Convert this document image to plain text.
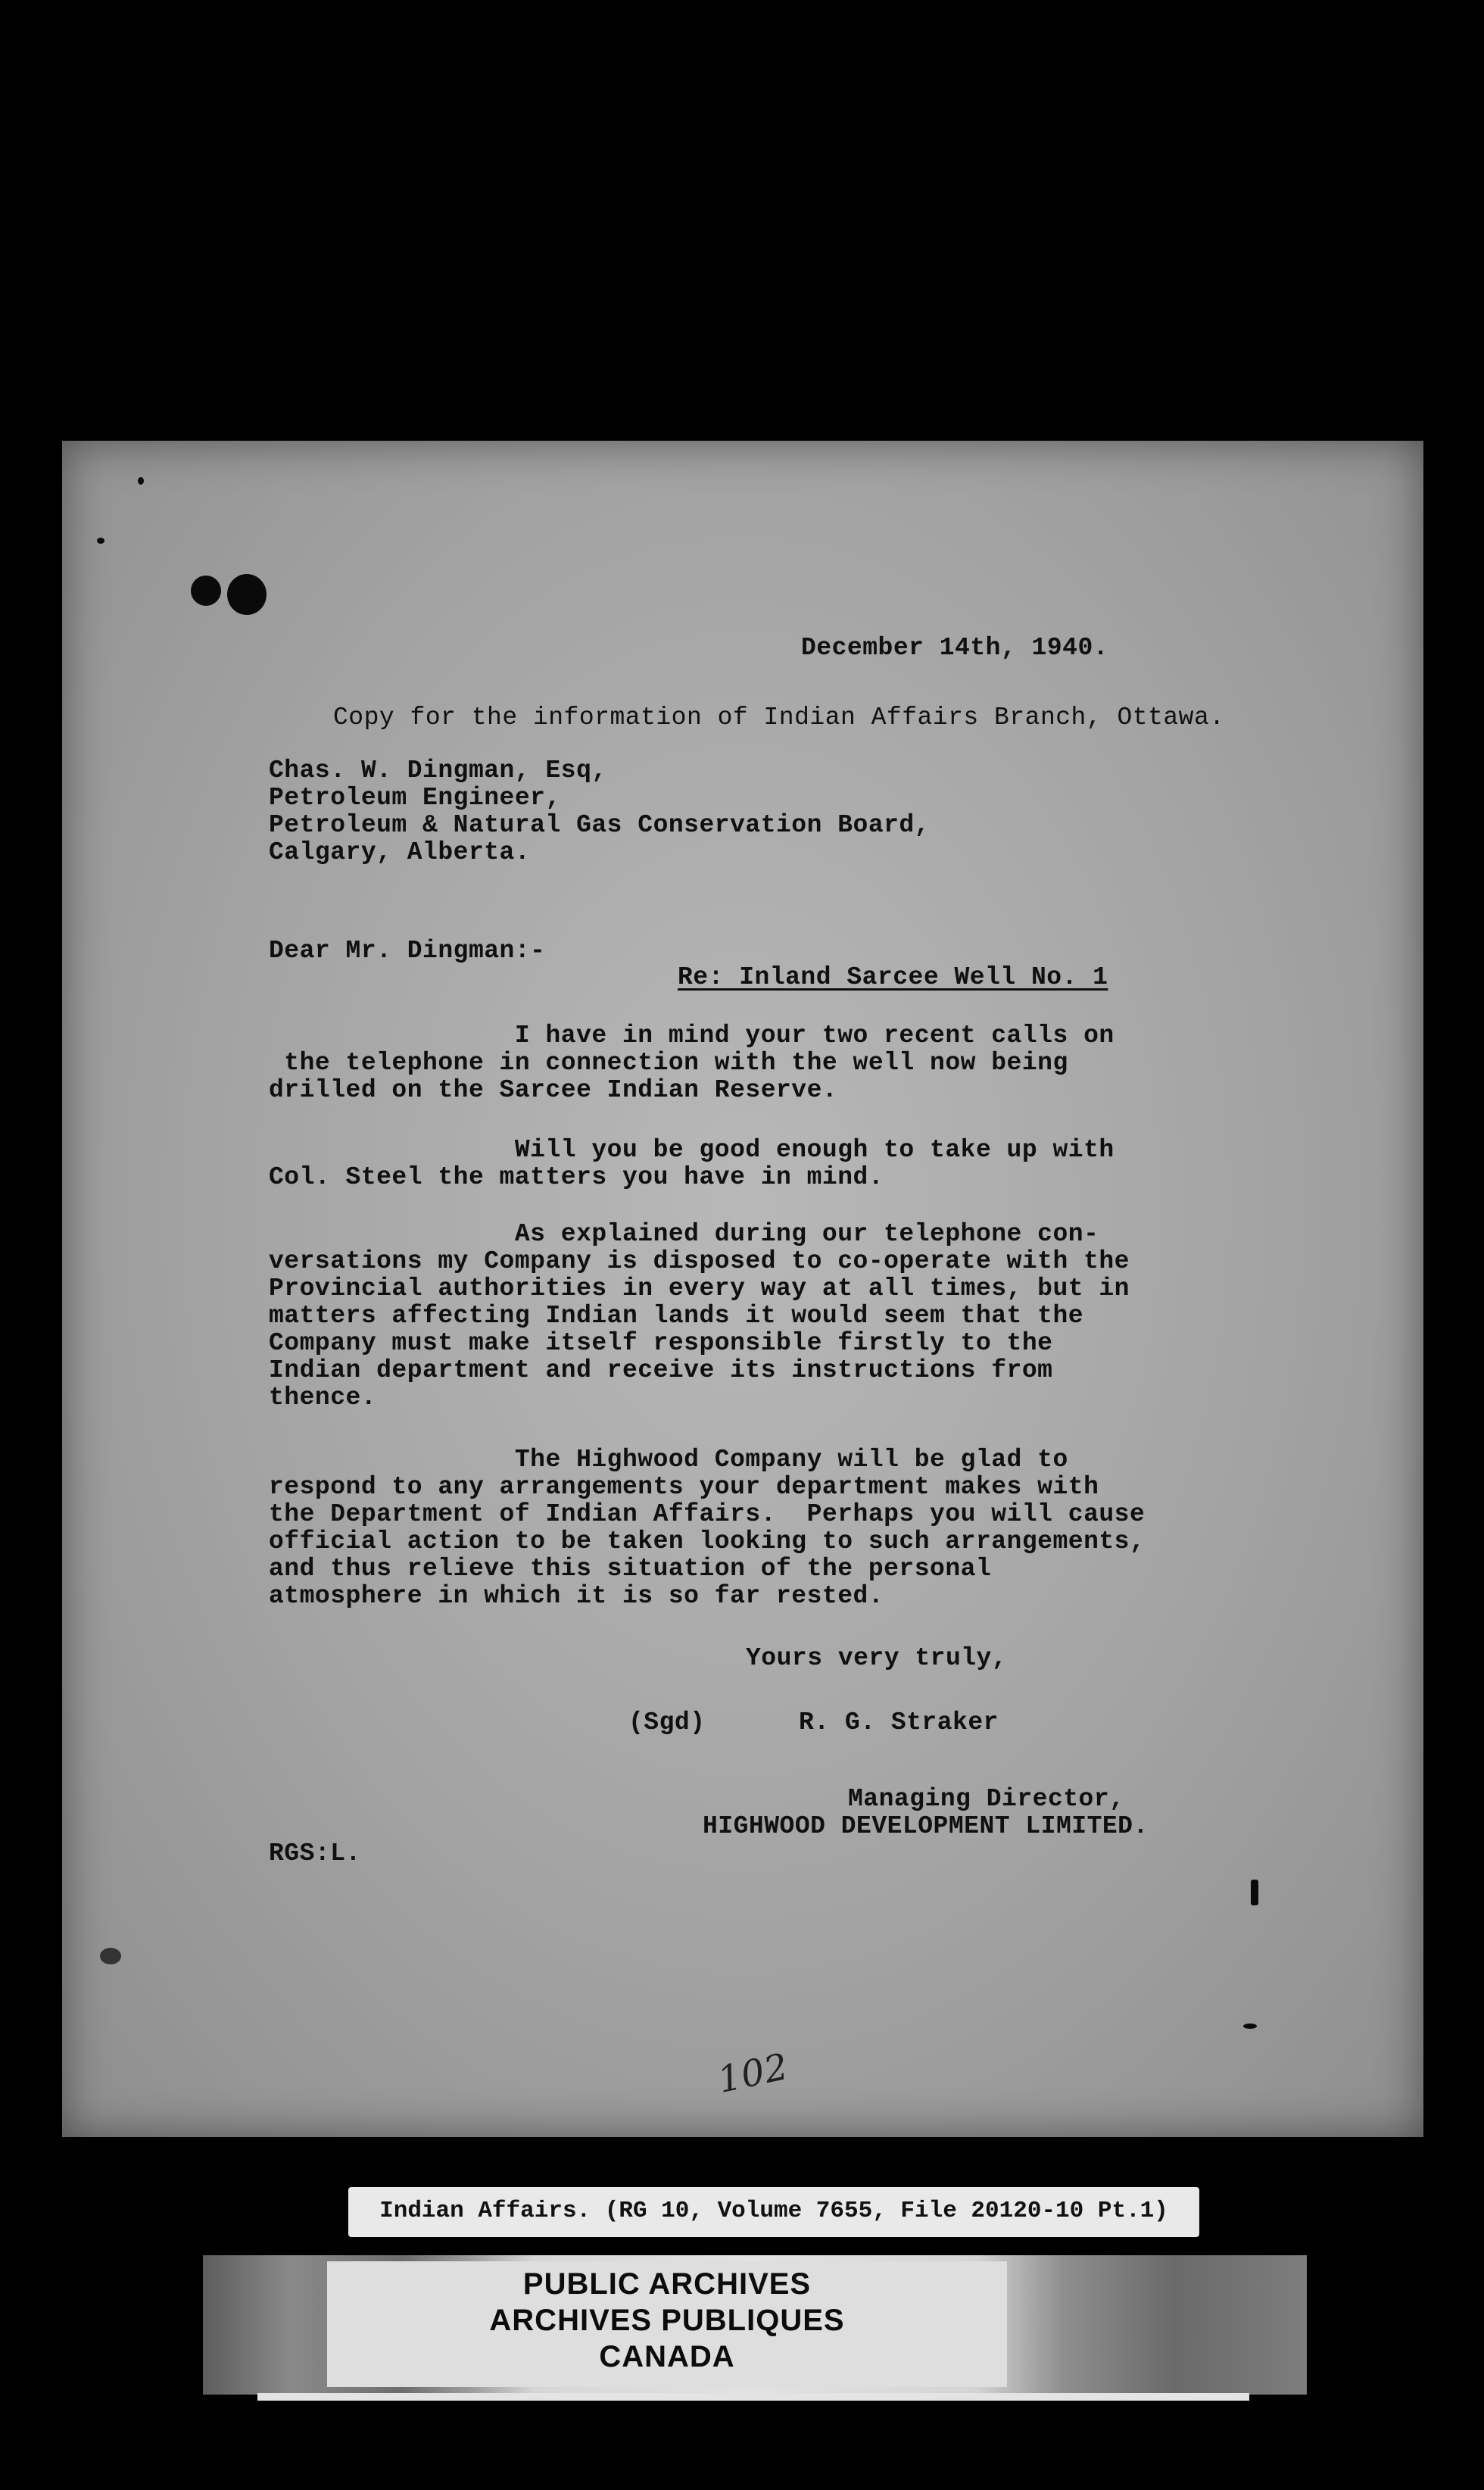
December 14th, 1940.
Copy for the information of Indian Affairs Branch, Ottawa.
Chas. W. Dingman, Esq,
Petroleum Engineer,
Petroleum & Natural Gas Conservation Board,
Calgary, Alberta.
Dear Mr. Dingman:-
Re: Inland Sarcee Well No. 1
I have in mind your two recent calls on
the telephone in connection with the well now being
drilled on the Sarcee Indian Reserve.
Will you be good enough to take up with
Col. Steel the matters you have in mind.
As explained during our telephone con-
versations my Company is disposed to co-operate with the
Provincial authorities in every way at all times, but in
matters affecting Indian lands it would seem that the
Company must make itself responsible firstly to the
Indian department and receive its instructions from
thence.
The Highwood Company will be glad to
respond to any arrangements your department makes with
the Department of Indian Affairs.  Perhaps you will cause
official action to be taken looking to such arrangements,
and thus relieve this situation of the personal
atmosphere in which it is so far rested.
Yours very truly,
(Sgd)	R. G. Straker
Managing Director,
HIGHWOOD DEVELOPMENT LIMITED.
RGS:L.
102
Indian Affairs. (RG 10, Volume 7655, File 20120-10 Pt.1)
PUBLIC ARCHIVES
ARCHIVES PUBLIQUES
CANADA
